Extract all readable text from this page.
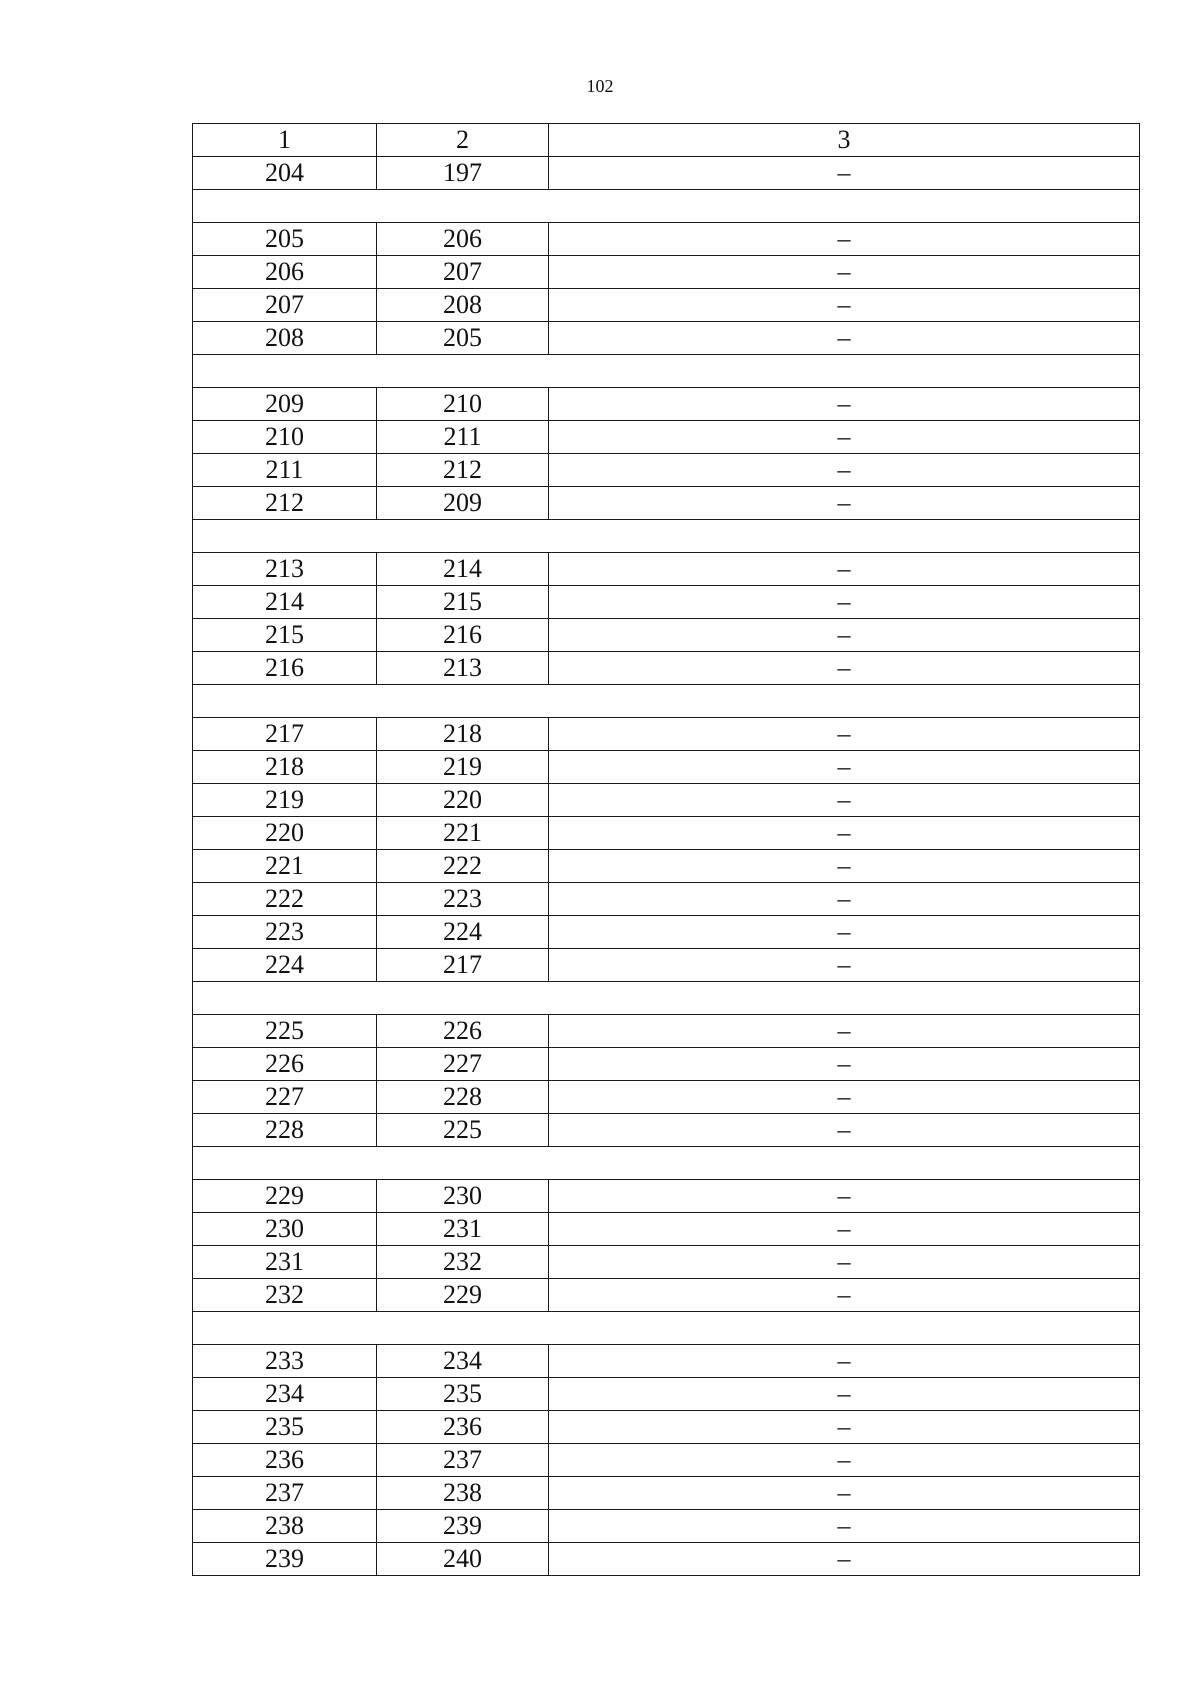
102
1	2	3
204	197	–

205	206	–
206	207	–
207	208	–
208	205	–

209	210	–
210	211	–
211	212	–
212	209	–

213	214	–
214	215	–
215	216	–
216	213	–

217	218	–
218	219	–
219	220	–
220	221	–
221	222	–
222	223	–
223	224	–
224	217	–

225	226	–
226	227	–
227	228	–
228	225	–

229	230	–
230	231	–
231	232	–
232	229	–

233	234	–
234	235	–
235	236	–
236	237	–
237	238	–
238	239	–
239	240	–
